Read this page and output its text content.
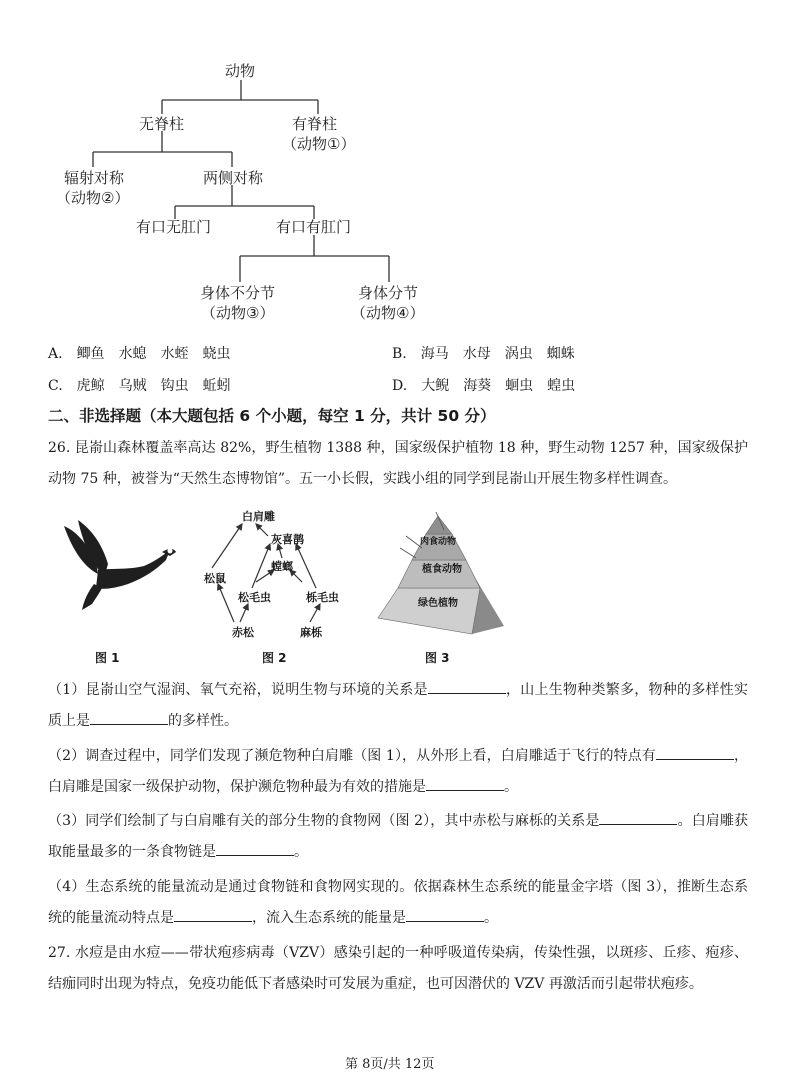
动物
无脊柱	有脊柱
（动物①）
辐射对称
（动物②）
两侧对称
有口无肛门	有口有肛门
身体不分节
（动物③）
身体分节
（动物④）
A. 鲫鱼 水螅 水蛭 蛲虫	B. 海马 水母 涡虫 蜘蛛
C. 虎鲸 乌贼 钩虫 蚯蚓	D. 大鲵 海葵 蛔虫 蝗虫
二、非选择题（本大题包括 6 个小题，每空 1 分，共计 50 分）
26. 昆嵛山森林覆盖率高达 82%，野生植物 1388 种，国家级保护植物 18 种，野生动物 1257 种，国家级保护动物 75 种，被誉为“天然生态博物馆”。五一小长假，实践小组的同学到昆嵛山开展生物多样性调查。
图 1
白肩雕
灰喜鹊
螳螂
松鼠
松毛虫	栎毛虫
赤松	麻栎
图 2
肉食动物
植食动物
绿色植物
图 3
（1）昆嵛山空气湿润、氧气充裕，说明生物与环境的关系是	，山上生物种类繁多，物种的多样性实质上是	的多样性。
（2）调查过程中，同学们发现了濒危物种白肩雕（图 1），从外形上看，白肩雕适于飞行的特点有	，白肩雕是国家一级保护动物，保护濒危物种最为有效的措施是	。
（3）同学们绘制了与白肩雕有关的部分生物的食物网（图 2），其中赤松与麻栎的关系是	。白肩雕获取能量最多的一条食物链是	。
（4）生态系统的能量流动是通过食物链和食物网实现的。依据森林生态系统的能量金字塔（图 3），推断生态系统的能量流动特点是	，流入生态系统的能量是	。
27. 水痘是由水痘——带状疱疹病毒（VZV）感染引起的一种呼吸道传染病，传染性强，以斑疹、丘疹、疱疹、结痂同时出现为特点，免疫功能低下者感染时可发展为重症，也可因潜伏的 VZV 再激活而引起带状疱疹。
第 8页/共 12页
